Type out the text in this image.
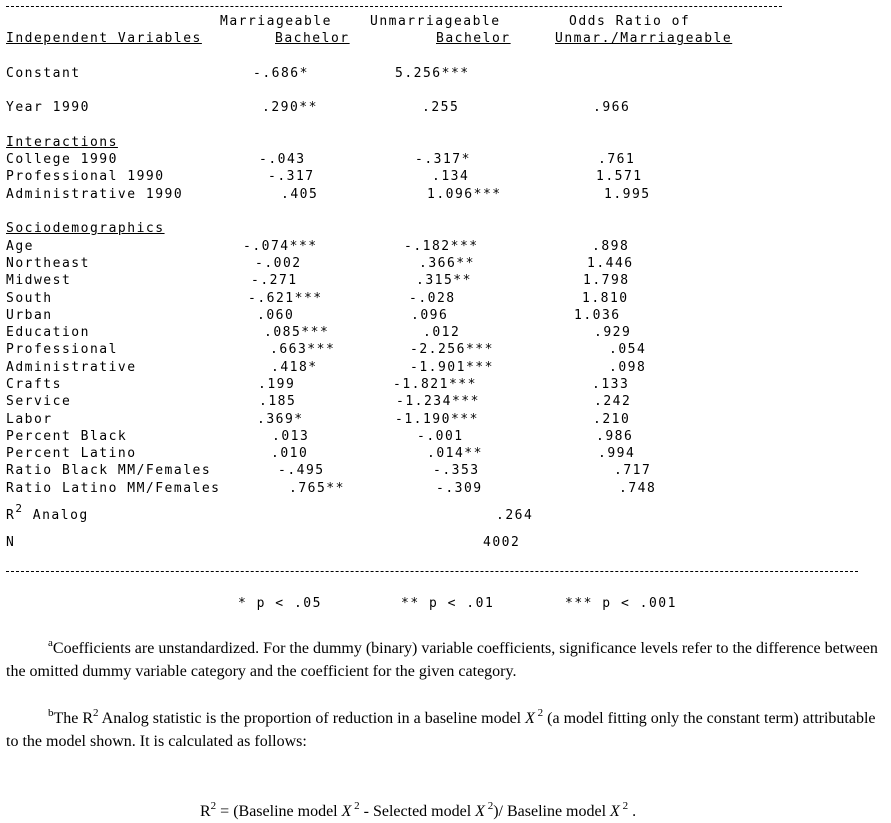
Marriageable	Unmarriageable	Odds Ratio of
Independent Variables	Bachelor	Bachelor	Unmar./Marriageable
Constant	-.686*	5.256***
Year 1990	.290**	.255	.966
Interactions
College 1990	-.043	-.317*	.761
Professional 1990	-.317	.134	1.571
Administrative 1990	.405	1.096***	1.995
Sociodemographics
Age	-.074***	-.182***	.898
Northeast	-.002	.366**	1.446
Midwest	-.271	.315**	1.798
South	-.621***	-.028	1.810
Urban	.060	.096	1.036
Education	.085***	.012	.929
Professional	.663***	-2.256***	.054
Administrative	.418*	-1.901***	.098
Crafts	.199	-1.821***	.133
Service	.185	-1.234***	.242
Labor	.369*	-1.190***	.210
Percent Black	.013	-.001	.986
Percent Latino	.010	.014**	.994
Ratio Black MM/Females	-.495	-.353	.717
Ratio Latino MM/Females	.765**	-.309	.748
$R^2$ Analog	.264
N	4002
* p < .05	** p < .01	*** p < .001
$^a$Coefficients are unstandardized. For the dummy (binary) variable coefficients, significance levels refer to the difference between the omitted dummy variable category and the coefficient for the given category.
$^b$The $R^2$ Analog statistic is the proportion of reduction in a baseline model X $^2$ (a model fitting only the constant term) attributable to the model shown. It is calculated as follows:

$R^2$ = (Baseline model X $^2$ - Selected model X $^2$)/ Baseline model X $^2$ .
